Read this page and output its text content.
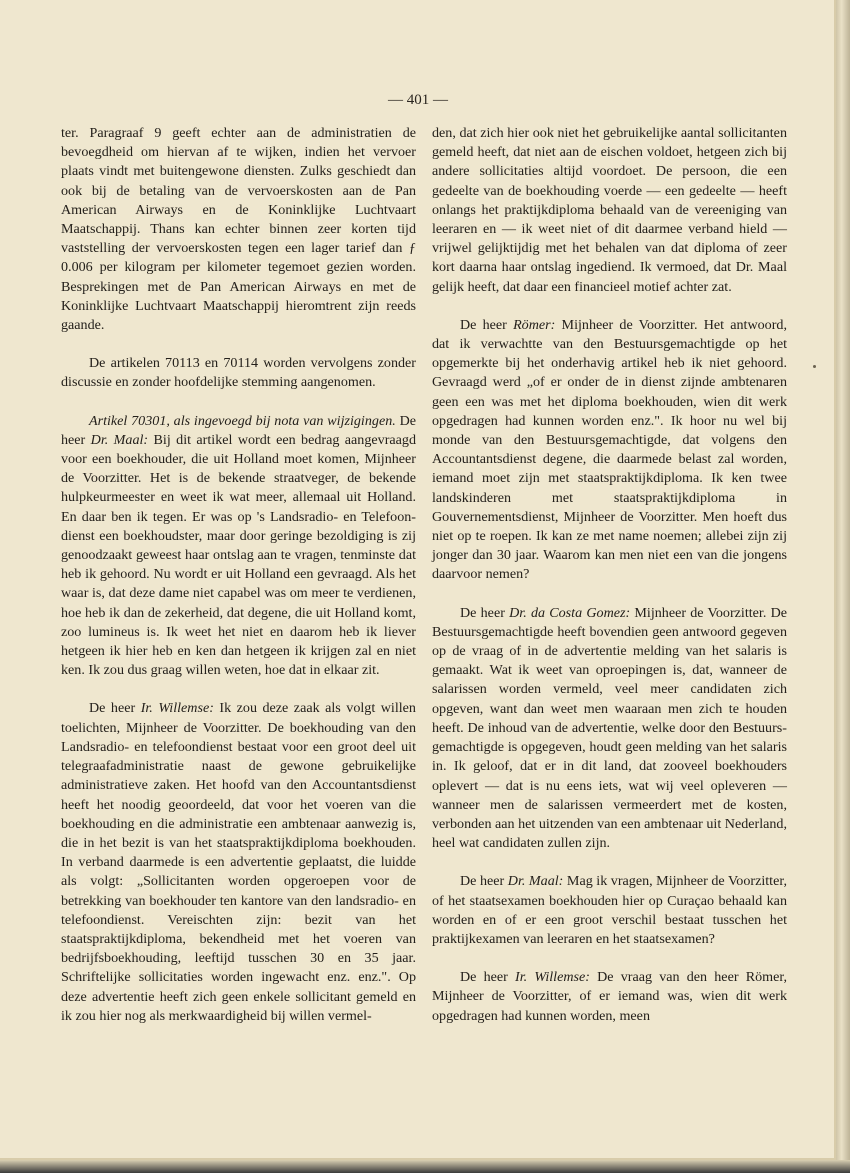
— 401 —

ter. Paragraaf 9 geeft echter aan de administratien de bevoegdheid om hiervan af te wijken, indien het vervoer plaats vindt met buitengewone diensten. Zulks geschiedt dan ook bij de betaling van de vervoerskosten aan de Pan American Airways en de Koninklijke Luchtvaart Maatschappij. Thans kan echter binnen zeer korten tijd vaststelling der vervoerskosten tegen een lager tarief dan ƒ 0.006 per kilogram per kilometer tegemoet gezien worden. Besprekingen met de Pan American Airways en met de Koninklijke Luchtvaart Maatschappij hieromtrent zijn reeds gaande.

De artikelen 70113 en 70114 worden vervolgens zonder discussie en zonder hoofdelijke stemming aangenomen.

Artikel 70301, als ingevoegd bij nota van wijzigingen. De heer Dr. Maal: Bij dit artikel wordt een bedrag aangevraagd voor een boekhouder, die uit Holland moet komen, Mijnheer de Voorzitter. Het is de bekende straatveger, de bekende hulpkeurmeester en weet ik wat meer, allemaal uit Holland. En daar ben ik tegen. Er was op 's Landsradio- en Telefoondienst een boekhoudster, maar door geringe bezoldiging is zij genoodzaakt geweest haar ontslag aan te vragen, tenminste dat heb ik gehoord. Nu wordt er uit Holland een gevraagd. Als het waar is, dat deze dame niet capabel was om meer te verdienen, hoe heb ik dan de zekerheid, dat degene, die uit Holland komt, zoo lumineus is. Ik weet het niet en daarom heb ik liever hetgeen ik hier heb en ken dan hetgeen ik krijgen zal en niet ken. Ik zou dus graag willen weten, hoe dat in elkaar zit.

De heer Ir. Willemse: Ik zou deze zaak als volgt willen toelichten, Mijnheer de Voorzitter. De boekhouding van den Landsradio- en telefoondienst bestaat voor een groot deel uit telegraafadministratie naast de gewone gebruikelijke administratieve zaken. Het hoofd van den Accountantsdienst heeft het noodig geoordeeld, dat voor het voeren van die boekhouding en die administratie een ambtenaar aanwezig is, die in het bezit is van het staatspraktijkdiploma boekhouden. In verband daarmede is een advertentie geplaatst, die luidde als volgt: „Sollicitanten worden opgeroepen voor de betrekking van boekhouder ten kantore van den landsradio- en telefoondienst. Vereischten zijn: bezit van het staatspraktijkdiploma, bekendheid met het voeren van bedrijfsboekhouding, leeftijd tusschen 30 en 35 jaar. Schriftelijke sollicitaties worden ingewacht enz. enz.". Op deze advertentie heeft zich geen enkele sollicitant gemeld en ik zou hier nog als merkwaardigheid bij willen vermel-

den, dat zich hier ook niet het gebruikelijke aantal sollicitanten gemeld heeft, dat niet aan de eischen voldoet, hetgeen zich bij andere sollicitaties altijd voordoet. De persoon, die een gedeelte van de boekhouding voerde — een gedeelte — heeft onlangs het praktijkdiploma behaald van de vereeniging van leeraren en — ik weet niet of dit daarmee verband hield — vrijwel gelijktijdig met het behalen van dat diploma of zeer kort daarna haar ontslag ingediend. Ik vermoed, dat Dr. Maal gelijk heeft, dat daar een financieel motief achter zat.

De heer Römer: Mijnheer de Voorzitter. Het antwoord, dat ik verwachtte van den Bestuursgemachtigde op het opgemerkte bij het onderhavig artikel heb ik niet gehoord. Gevraagd werd „of er onder de in dienst zijnde ambtenaren geen een was met het diploma boekhouden, wien dit werk opgedragen had kunnen worden enz.". Ik hoor nu wel bij monde van den Bestuursgemachtigde, dat volgens den Accountantsdienst degene, die daarmede belast zal worden, iemand moet zijn met staatspraktijkdiploma. Ik ken twee landskinderen met staatspraktijkdiploma in Gouvernementsdienst, Mijnheer de Voorzitter. Men hoeft dus niet op te roepen. Ik kan ze met name noemen; allebei zijn zij jonger dan 30 jaar. Waarom kan men niet een van die jongens daarvoor nemen?

De heer Dr. da Costa Gomez: Mijnheer de Voorzitter. De Bestuursgemachtigde heeft bovendien geen antwoord gegeven op de vraag of in de advertentie melding van het salaris is gemaakt. Wat ik weet van oproepingen is, dat, wanneer de salarissen worden vermeld, veel meer candidaten zich opgeven, want dan weet men waaraan men zich te houden heeft. De inhoud van de advertentie, welke door den Bestuursgemachtigde is opgegeven, houdt geen melding van het salaris in. Ik geloof, dat er in dit land, dat zooveel boekhouders oplevert — dat is nu eens iets, wat wij veel opleveren — wanneer men de salarissen vermeerdert met de kosten, verbonden aan het uitzenden van een ambtenaar uit Nederland, heel wat candidaten zullen zijn.

De heer Dr. Maal: Mag ik vragen, Mijnheer de Voorzitter, of het staatsexamen boekhouden hier op Curaçao behaald kan worden en of er een groot verschil bestaat tusschen het praktijkexamen van leeraren en het staatsexamen?

De heer Ir. Willemse: De vraag van den heer Römer, Mijnheer de Voorzitter, of er iemand was, wien dit werk opgedragen had kunnen worden, meen
